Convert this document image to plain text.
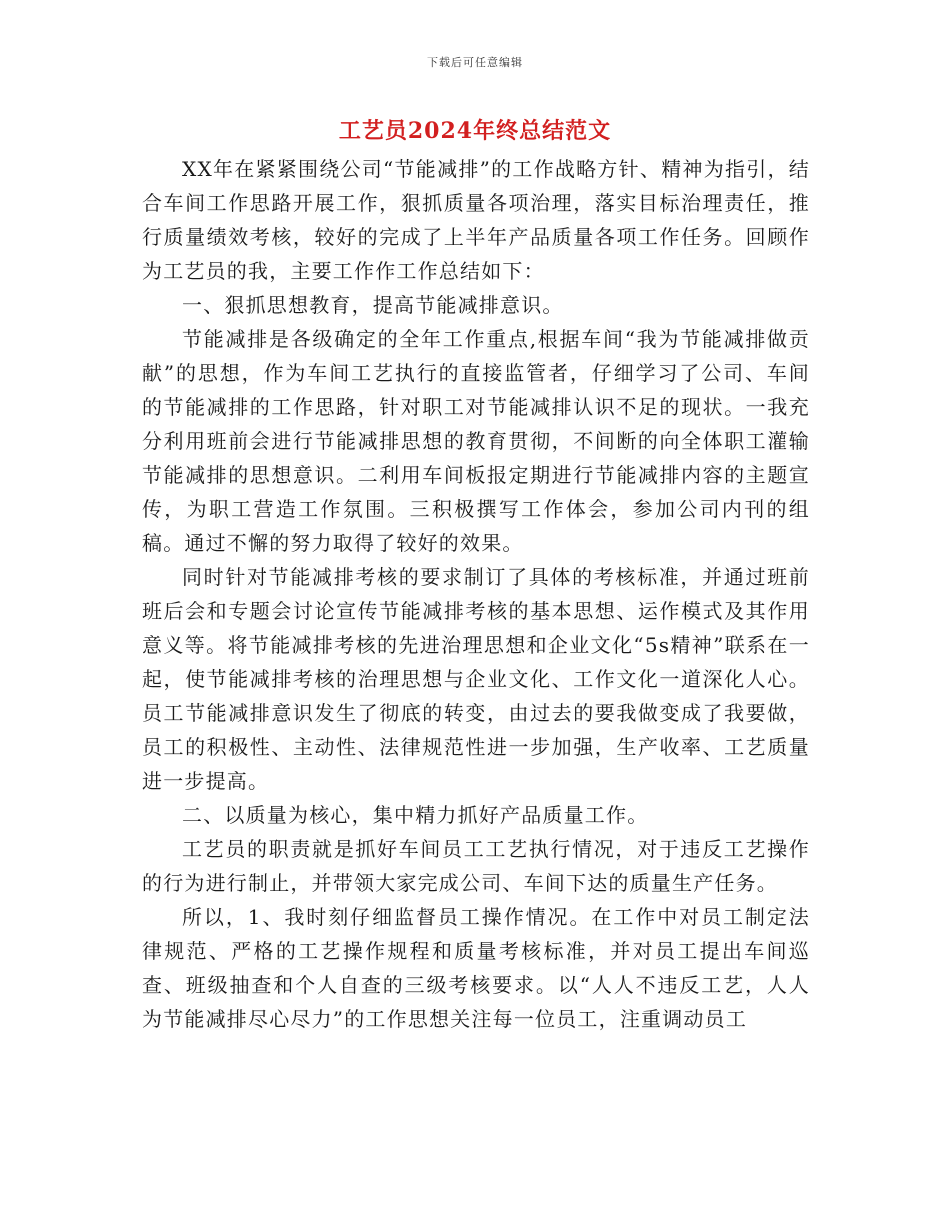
下载后可任意编辑
工艺员2024年终总结范文

XX年在紧紧围绕公司“节能减排”的工作战略方针、精神为指引，结合车间工作思路开展工作，狠抓质量各项治理，落实目标治理责任，推行质量绩效考核，较好的完成了上半年产品质量各项工作任务。回顾作为工艺员的我，主要工作作工作总结如下：

一、狠抓思想教育，提高节能减排意识。

节能减排是各级确定的全年工作重点,根据车间“我为节能减排做贡献”的思想，作为车间工艺执行的直接监管者，仔细学习了公司、车间的节能减排的工作思路，针对职工对节能减排认识不足的现状。一我充分利用班前会进行节能减排思想的教育贯彻，不间断的向全体职工灌输节能减排的思想意识。二利用车间板报定期进行节能减排内容的主题宣传，为职工营造工作氛围。三积极撰写工作体会，参加公司内刊的组稿。通过不懈的努力取得了较好的效果。

同时针对节能减排考核的要求制订了具体的考核标准，并通过班前班后会和专题会讨论宣传节能减排考核的基本思想、运作模式及其作用意义等。将节能减排考核的先进治理思想和企业文化“5s精神”联系在一起，使节能减排考核的治理思想与企业文化、工作文化一道深化人心。员工节能减排意识发生了彻底的转变，由过去的要我做变成了我要做，员工的积极性、主动性、法律规范性进一步加强，生产收率、工艺质量进一步提高。

二、以质量为核心，集中精力抓好产品质量工作。

工艺员的职责就是抓好车间员工工艺执行情况，对于违反工艺操作的行为进行制止，并带领大家完成公司、车间下达的质量生产任务。

所以，1、我时刻仔细监督员工操作情况。在工作中对员工制定法律规范、严格的工艺操作规程和质量考核标准，并对员工提出车间巡查、班级抽查和个人自查的三级考核要求。以“人人不违反工艺，人人为节能减排尽心尽力”的工作思想关注每一位员工，注重调动员工
